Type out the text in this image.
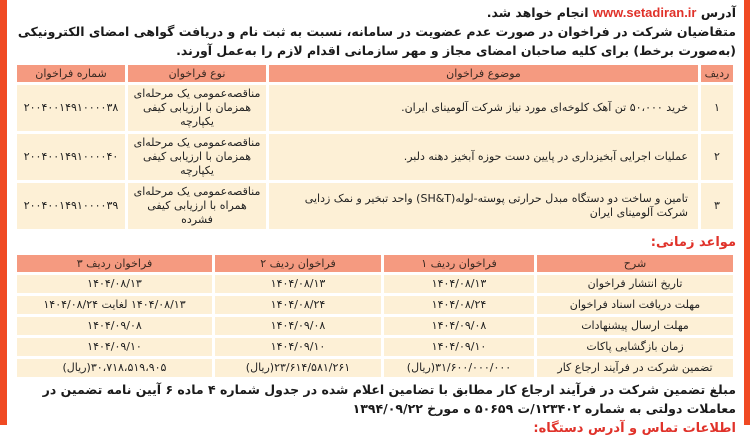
آدرس www.setadiran.ir انجام خواهد شد.

متقاضیان شرکت در فراخوان در صورت عدم عضویت در سامانه، نسبت به ثبت نام و دریافت گواهی امضای الکترونیکی (به‌صورت برخط) برای کلیه صاحبان امضای مجاز و مهر سازمانی اقدام لازم را به‌عمل آورند.

ردیف	موضوع فراخوان	نوع فراخوان	شماره فراخوان
۱	خرید ۵۰،۰۰۰ تن آهک کلوخه‌ای مورد نیاز شرکت آلومینای ایران.	مناقصه‌عمومی یک مرحله‌ای همزمان با ارزیابی کیفی یکپارچه	۲۰۰۴۰۰۱۴۹۱۰۰۰۰۳۸
۲	عملیات اجرایی آبخیزداری در پایین دست حوزه آبخیز دهنه دلبر.	مناقصه‌عمومی یک مرحله‌ای همزمان با ارزیابی کیفی یکپارچه	۲۰۰۴۰۰۱۴۹۱۰۰۰۰۴۰
۳	تامین و ساخت دو دستگاه مبدل حرارتی پوسته-لوله(SH&T) واحد تبخیر و نمک زدایی شرکت آلومینای ایران	مناقصه‌عمومی یک مرحله‌ای همراه با ارزیابی کیفی فشرده	۲۰۰۴۰۰۱۴۹۱۰۰۰۰۳۹
مواعد زمانی:
شرح	فراخوان ردیف ۱	فراخوان ردیف ۲	فراخوان ردیف ۳
تاریخ انتشار فراخوان	۱۴۰۴/۰۸/۱۳	۱۴۰۴/۰۸/۱۳	۱۴۰۴/۰۸/۱۳
مهلت دریافت اسناد فراخوان	۱۴۰۴/۰۸/۲۴	۱۴۰۴/۰۸/۲۴	۱۴۰۴/۰۸/۱۳ لغایت ۱۴۰۴/۰۸/۲۴
مهلت ارسال پیشنهادات	۱۴۰۴/۰۹/۰۸	۱۴۰۴/۰۹/۰۸	۱۴۰۴/۰۹/۰۸
زمان بازگشایی پاکات	۱۴۰۴/۰۹/۱۰	۱۴۰۴/۰۹/۱۰	۱۴۰۴/۰۹/۱۰
تضمین شرکت در فرآیند ارجاع کار	۳۱/۶۰۰/۰۰۰/۰۰۰(ریال)	۲۳/۶۱۴/۵۸۱/۲۶۱(ریال)	۳۰،۷۱۸،۵۱۹،۹۰۵(ریال)

مبلغ تضمین شرکت در فرآیند ارجاع کار مطابق با تضامین اعلام شده در جدول شماره ۴ ماده ۶ آیین نامه تضمین در معاملات دولتی به شماره ۱۲۳۴۰۲/ت ۵۰۶۵۹ ه مورخ ۱۳۹۴/۰۹/۲۲

اطلاعات تماس و آدرس دستگاه:
